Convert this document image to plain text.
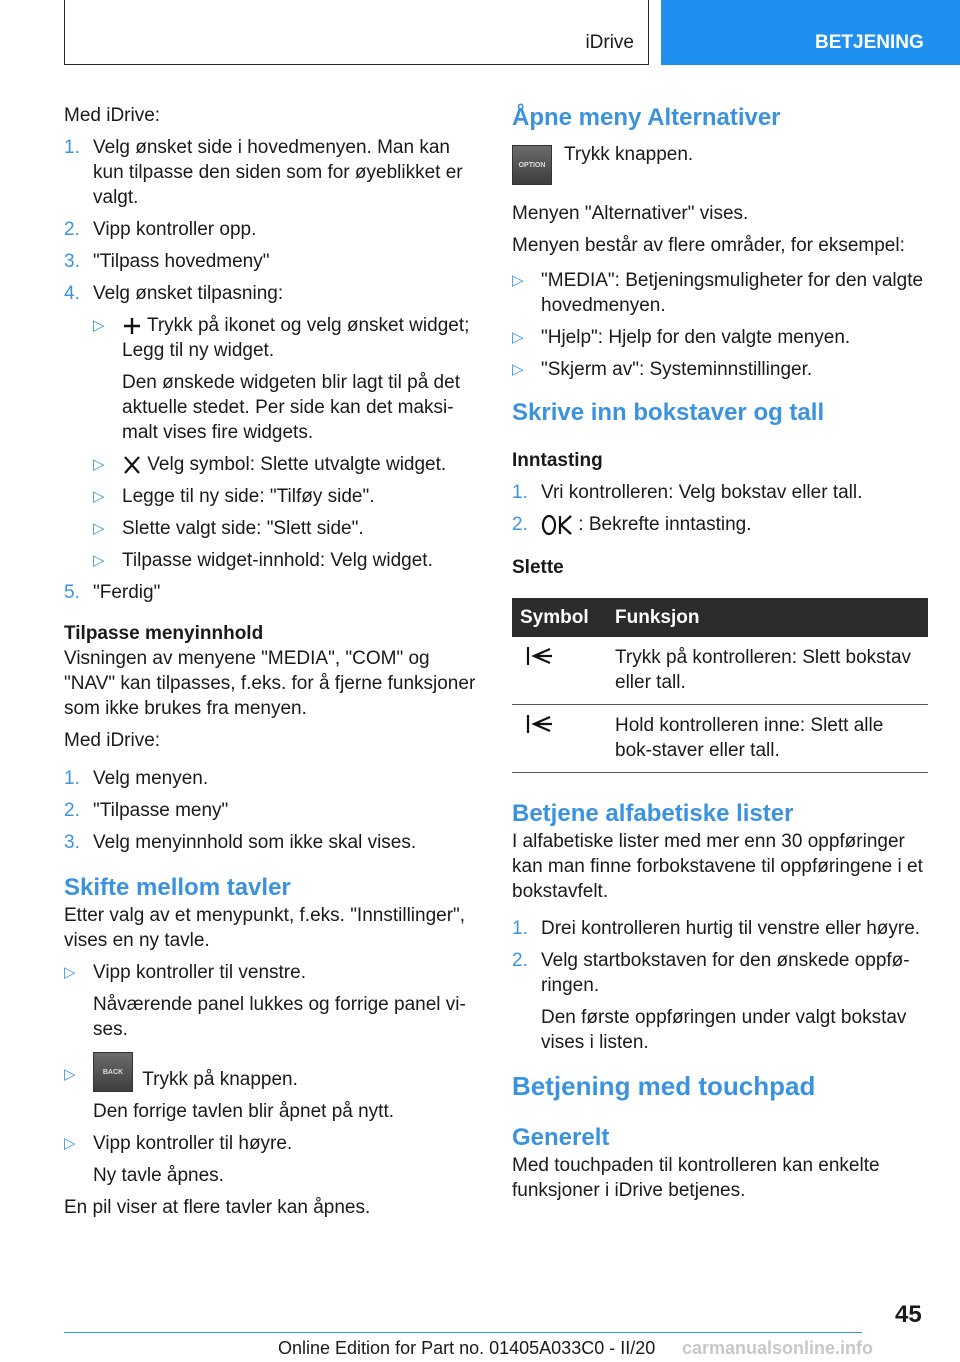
iDrive	BETJENING

Med iDrive:

1. Velg ønsket side i hovedmenyen. Man kan kun tilpasse den siden som for øyeblikket er valgt.
2. Vipp kontroller opp.
3. "Tilpass hovedmeny"
4. Velg ønsket tilpasning:
▷	Trykk på ikonet og velg ønsket widget; Legg til ny widget.

Den ønskede widgeten blir lagt til på det aktuelle stedet. Per side kan det maksi-malt vises fire widgets.

▷	Velg symbol: Slette utvalgte widget.
▷ Legge til ny side: "Tilføy side".
▷ Slette valgt side: "Slett side".
▷ Tilpasse widget-innhold: Velg widget.
5. "Ferdig"

Tilpasse menyinnhold

Visningen av menyene "MEDIA", "COM" og "NAV" kan tilpasses, f.eks. for å fjerne funksjoner som ikke brukes fra menyen.

Med iDrive:

1. Velg menyen.
2. "Tilpasse meny"
3. Velg menyinnhold som ikke skal vises.

Skifte mellom tavler

Etter valg av et menypunkt, f.eks. "Innstillinger", vises en ny tavle.

▷ Vipp kontroller til venstre.

Nåværende panel lukkes og forrige panel vi-ses.

▷	BACK Trykk på knappen.

Den forrige tavlen blir åpnet på nytt.

▷ Vipp kontroller til høyre.

Ny tavle åpnes.

En pil viser at flere tavler kan åpnes.

Åpne meny Alternativer

OPTION
Trykk knappen.

Menyen "Alternativer" vises.

Menyen består av flere områder, for eksempel:

▷ "MEDIA": Betjeningsmuligheter for den valgte hovedmenyen.
▷ "Hjelp": Hjelp for den valgte menyen.
▷ "Skjerm av": Systeminnstillinger.

Skrive inn bokstaver og tall

Inntasting

1. Vri kontrolleren: Velg bokstav eller tall.
2.	: Bekrefte inntasting.

Slette

Symbol	Funksjon
	Trykk på kontrolleren: Slett bokstav eller tall.
	Hold kontrolleren inne: Slett alle bok-staver eller tall.

Betjene alfabetiske lister

I alfabetiske lister med mer enn 30 oppføringer kan man finne forbokstavene til oppføringene i et bokstavfelt.

1. Drei kontrolleren hurtig til venstre eller høyre.
2. Velg startbokstaven for den ønskede oppfø-ringen.

Den første oppføringen under valgt bokstav vises i listen.

Betjening med touchpad

Generelt

Med touchpaden til kontrolleren kan enkelte funksjoner i iDrive betjenes.

45
Online Edition for Part no. 01405A033C0 - II/20 carmanualsonline.info
